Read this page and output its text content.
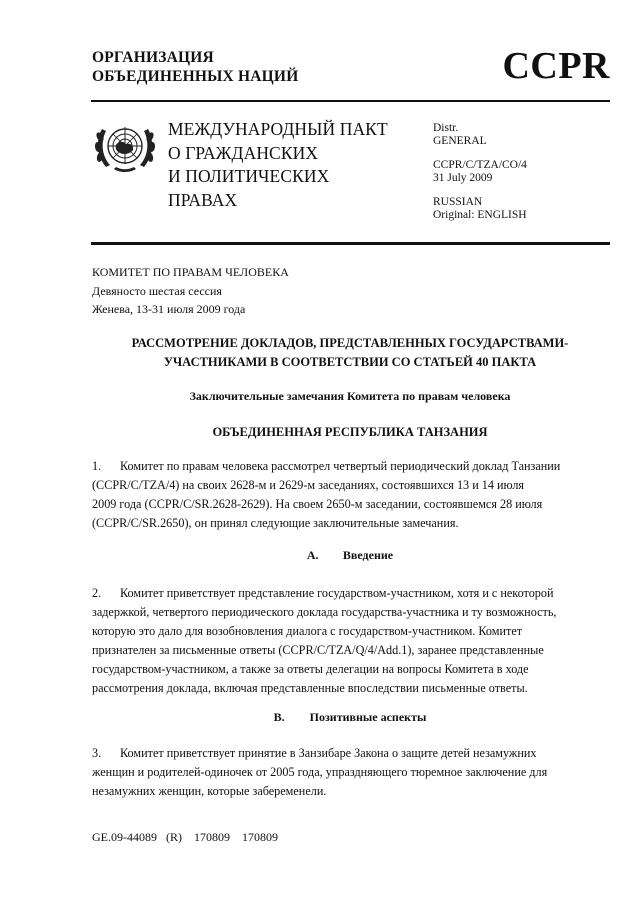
ОРГАНИЗАЦИЯ
ОБЪЕДИНЕННЫХ НАЦИЙ	CCPR
МЕЖДУНАРОДНЫЙ ПАКТ
О ГРАЖДАНСКИХ
И ПОЛИТИЧЕСКИХ
ПРАВАХ
Distr.
GENERAL
CCPR/C/TZA/CO/4
31 July 2009
RUSSIAN
Original: ENGLISH
КОМИТЕТ ПО ПРАВАМ ЧЕЛОВЕКА
Девяносто шестая сессия
Женева, 13-31 июля 2009 года
РАССМОТРЕНИЕ ДОКЛАДОВ, ПРЕДСТАВЛЕННЫХ ГОСУДАРСТВАМИ-
УЧАСТНИКАМИ В СООТВЕТСТВИИ СО СТАТЬЕЙ 40 ПАКТА
Заключительные замечания Комитета по правам человека
ОБЪЕДИНЕННАЯ РЕСПУБЛИКА ТАНЗАНИЯ
1. Комитет по правам человека рассмотрел четвертый периодический доклад Танзании
(CCPR/C/TZA/4) на своих 2628-м и 2629-м заседаниях, состоявшихся 13 и 14 июля
2009 года (CCPR/C/SR.2628-2629). На своем 2650-м заседании, состоявшемся 28 июля
(CCPR/C/SR.2650), он принял следующие заключительные замечания.
A. Введение
2. Комитет приветствует представление государством-участником, хотя и с некоторой
задержкой, четвертого периодического доклада государства-участника и ту возможность,
которую это дало для возобновления диалога с государством-участником. Комитет
признателен за письменные ответы (CCPR/C/TZA/Q/4/Add.1), заранее представленные
государством-участником, а также за ответы делегации на вопросы Комитета в ходе
рассмотрения доклада, включая представленные впоследствии письменные ответы.
B. Позитивные аспекты
3. Комитет приветствует принятие в Занзибаре Закона о защите детей незамужних
женщин и родителей-одиночек от 2005 года, упраздняющего тюремное заключение для
незамужних женщин, которые забеременели.
GE.09-44089   (R)    170809    170809
